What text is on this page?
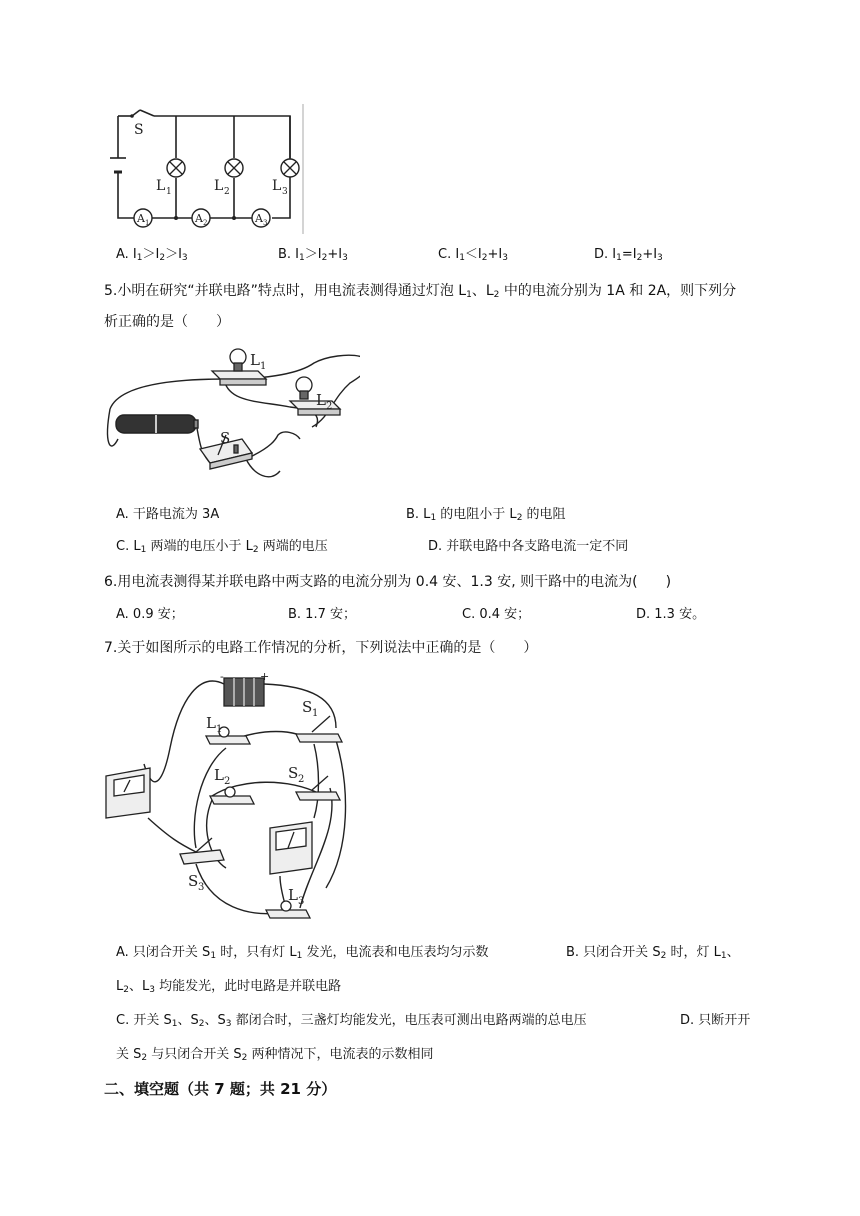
S
L 1	L 2	L 3
A 1	A 2	A 3
A. $I_1>I_2>I_3$	B. $I_1>I_2+I_3$	C. $I_1<I_2+I_3$	D. $I_1=I_2+I_3$
5.小明在研究“并联电路”特点时，用电流表测得通过灯泡 $L_1$、$L_2$ 中的电流分别为 1A 和 2A，则下列分
析正确的是（　　）
L 1
L 2
S
A. 干路电流为 3A	B. $L_1$ 的电阻小于 $L_2$ 的电阻
C. $L_1$ 两端的电压小于 $L_2$ 两端的电压	D. 并联电路中各支路电流一定不同
6.用电流表测得某并联电路中两支路的电流分别为 0.4 安、1.3 安, 则干路中的电流为(　　)
A. 0.9 安；	B. 1.7 安；	C. 0.4 安；	D. 1.3 安。
7.关于如图所示的电路工作情况的分析，下列说法中正确的是（　　）
-	+
L 1
S 1
L 2	S 2
S 3	L 3
A. 只闭合开关 $S_1$ 时，只有灯 $L_1$ 发光，电流表和电压表均匀示数	B. 只闭合开关 $S_2$ 时，灯 $L_1$、
$L_2$、$L_3$ 均能发光，此时电路是并联电路
C. 开关 $S_1$、$S_2$、$S_3$ 都闭合时，三盏灯均能发光，电压表可测出电路两端的总电压	D. 只断开开
关 $S_2$ 与只闭合开关 $S_2$ 两种情况下，电流表的示数相同
二、填空题（共 7 题；共 21 分）
